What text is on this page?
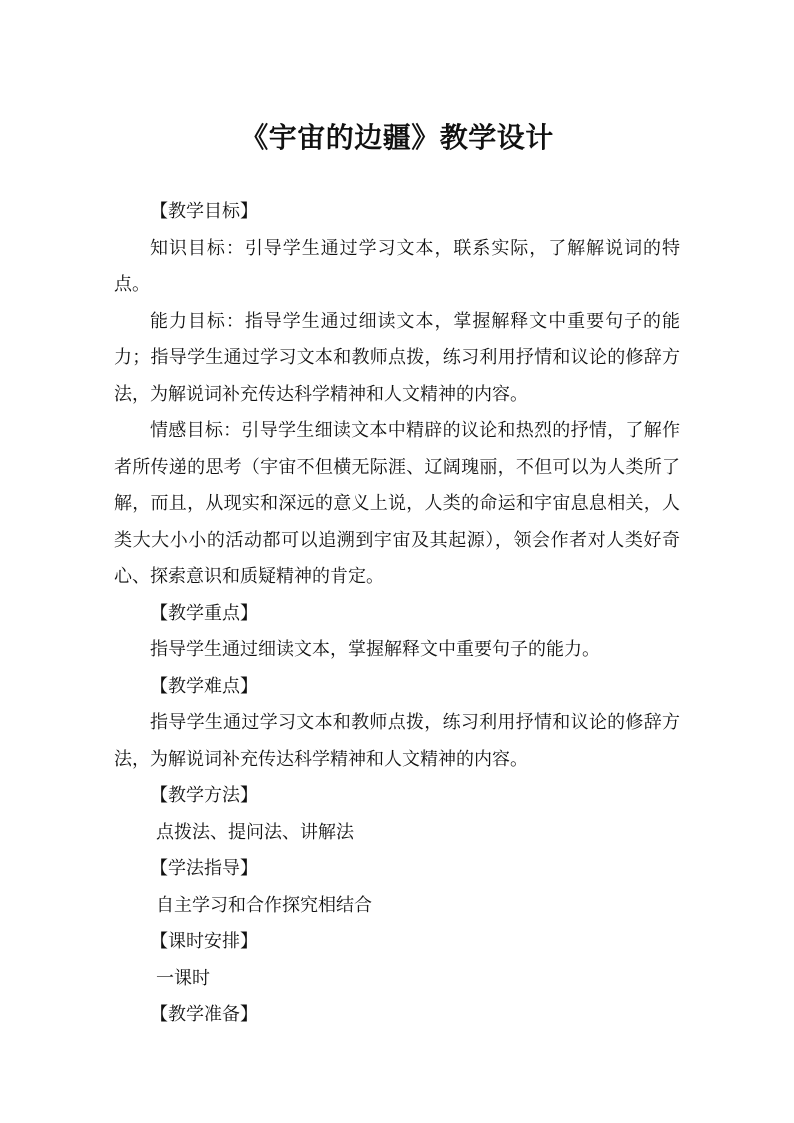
《宇宙的边疆》教学设计

【教学目标】

知识目标：引导学生通过学习文本，联系实际，了解解说词的特点。

能力目标：指导学生通过细读文本，掌握解释文中重要句子的能力；指导学生通过学习文本和教师点拨，练习利用抒情和议论的修辞方法，为解说词补充传达科学精神和人文精神的内容。

情感目标：引导学生细读文本中精辟的议论和热烈的抒情，了解作者所传递的思考（宇宙不但横无际涯、辽阔瑰丽，不但可以为人类所了解，而且，从现实和深远的意义上说，人类的命运和宇宙息息相关，人类大大小小的活动都可以追溯到宇宙及其起源），领会作者对人类好奇心、探索意识和质疑精神的肯定。

【教学重点】

指导学生通过细读文本，掌握解释文中重要句子的能力。

【教学难点】

指导学生通过学习文本和教师点拨，练习利用抒情和议论的修辞方法，为解说词补充传达科学精神和人文精神的内容。

【教学方法】

点拨法、提问法、讲解法

【学法指导】

自主学习和合作探究相结合

【课时安排】

一课时

【教学准备】
